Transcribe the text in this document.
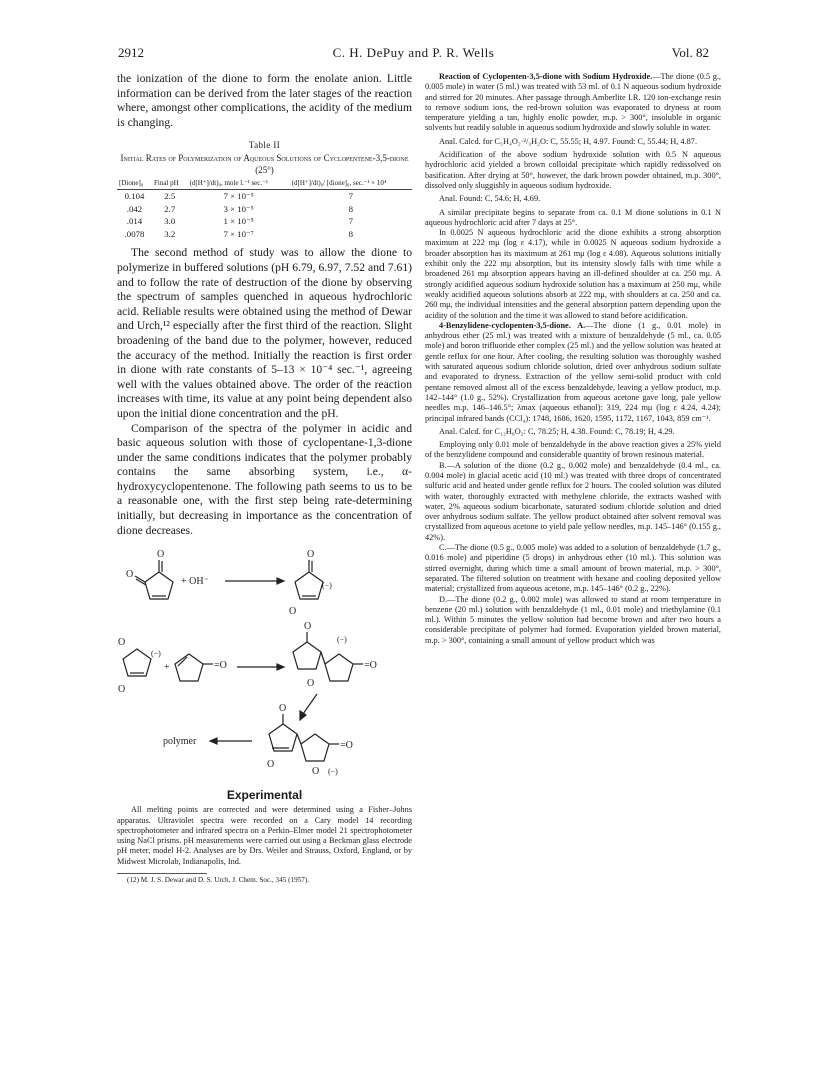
2912	C. H. DePuy and P. R. Wells	Vol. 82

the ionization of the dione to form the enolate anion. Little information can be derived from the later stages of the reaction where, amongst other complications, the acidity of the medium is changing.

Table II
Initial Rates of Polymerization of Aqueous Solutions of Cyclopentene-3,5-dione (25°)
[Dione]₀	Final pH	(d[H⁺]/dt)₀, mole l.⁻¹ sec.⁻¹	(d[H⁺]/dt)₀/ [dione]₀, sec.⁻¹ × 10⁴
0.104	2.5	7 × 10⁻⁵	7
.042	2.7	3 × 10⁻⁵	8
.014	3.0	1 × 10⁻⁵	7
.0078	3.2	7 × 10⁻⁷	8

The second method of study was to allow the dione to polymerize in buffered solutions (pH 6.79, 6.97, 7.52 and 7.61) and to follow the rate of destruction of the dione by observing the spectrum of samples quenched in aqueous hydrochloric acid. Reliable results were obtained using the method of Dewar and Urch,¹² especially after the first third of the reaction. Slight broadening of the band due to the polymer, however, reduced the accuracy of the method. Initially the reaction is first order in dione with rate constants of 5–13 × 10⁻⁴ sec.⁻¹, agreeing well with the values obtained above. The order of the reaction increases with time, its value at any point being dependent also upon the initial dione concentration and the pH.

Comparison of the spectra of the polymer in acidic and basic aqueous solution with those of cyclopentane-1,3-dione under the same conditions indicates that the polymer probably contains the same absorbing system, i.e., α-hydroxycyclopentenone. The following path seems to us to be a reasonable one, with the first step being rate-determining initially, but decreasing in importance as the concentration of dione decreases.

O
O
+ OH⁻
O
O
(−)
O
O
(−)
+	=O
O
=O
(−)
O
polymer
O
O
=O
O (−)
Experimental

All melting points are corrected and were determined using a Fisher–Johns apparatus. Ultraviolet spectra were recorded on a Cary model 14 recording spectrophotometer and infrared spectra on a Perkin–Elmer model 21 spectrophotometer using NaCl prisms. pH measurements were carried out using a Beckman glass electrode pH meter, model H-2. Analyses are by Drs. Weiler and Strauss, Oxford, England, or by Midwest Microlab, Indianapolis, Ind.

(12) M. J. S. Dewar and D. S. Urch, J. Chem. Soc., 345 (1957).

Reaction of Cyclopenten-3,5-dione with Sodium Hydroxide.—The dione (0.5 g., 0.005 mole) in water (5 ml.) was treated with 53 ml. of 0.1 N aqueous sodium hydroxide and stirred for 20 minutes. After passage through Amberlite I.R. 120 ion-exchange resin to remove sodium ions, the red-brown solution was evaporated to dryness at room temperature yielding a tan, highly enolic powder, m.p. > 300°, insoluble in organic solvents but readily soluble in aqueous sodium hydroxide and slowly soluble in water.

Anal. Calcd. for C₅H₄O₂·²/₃H₂O: C, 55.55; H, 4.97. Found: C, 55.44; H, 4.87.

Acidification of the above sodium hydroxide solution with 0.5 N aqueous hydrochloric acid yielded a brown colloidal precipitate which rapidly redissolved on basification. After drying at 50°, however, the dark brown powder obtained, m.p. 300°, dissolved only sluggishly in aqueous sodium hydroxide.

Anal. Found: C, 54.6; H, 4.69.

A similar precipitate begins to separate from ca. 0.1 M dione solutions in 0.1 N aqueous hydrochloric acid after 7 days at 25°.

In 0.0025 N aqueous hydrochloric acid the dione exhibits a strong absorption maximum at 222 mμ (log ε 4.17), while in 0.0025 N aqueous sodium hydroxide a broader absorption has its maximum at 261 mμ (log ε 4.08). Aqueous solutions initially exhibit only the 222 mμ absorption, but its intensity slowly falls with time while a broadened 261 mμ absorption appears having an ill-defined shoulder at ca. 250 mμ. A strongly acidified aqueous sodium hydroxide solution has a maximum at 250 mμ, while weakly acidified aqueous solutions absorb at 222 mμ, with shoulders at ca. 250 and ca. 260 mμ, the individual intensities and the general absorption pattern depending upon the acidity of the solution and the time it was allowed to stand before acidification.

4-Benzylidene-cyclopenten-3,5-dione. A.—The dione (1 g., 0.01 mole) in anhydrous ether (25 ml.) was treated with a mixture of benzaldehyde (5 ml., ca. 0.05 mole) and boron trifluoride ether complex (25 ml.) and the yellow solution was heated at gentle reflux for one hour. After cooling, the resulting solution was thoroughly washed with saturated aqueous sodium chloride solution, dried over anhydrous sodium sulfate and evaporated to dryness. Extraction of the yellow semi-solid product with cold pentane removed almost all of the excess benzaldehyde, leaving a yellow product, m.p. 142–144° (1.0 g., 52%). Crystallization from aqueous acetone gave long, pale yellow needles m.p. 146–146.5°; λmax (aqueous ethanol): 319, 224 mμ (log ε 4.24, 4.24); principal infrared bands (CCl₄): 1748, 1686, 1620, 1595, 1172, 1167, 1043, 859 cm⁻¹.

Anal. Calcd. for C₁₂H₈O₂: C, 78.25; H, 4.38. Found: C, 78.19; H, 4.29.

Employing only 0.01 mole of benzaldehyde in the above reaction gives a 25% yield of the benzylidene compound and considerable quantity of brown resinous material.

B.—A solution of the dione (0.2 g., 0.002 mole) and benzaldehyde (0.4 ml., ca. 0.004 mole) in glacial acetic acid (10 ml.) was treated with three drops of concentrated sulfuric acid and heated under gentle reflux for 2 hours. The cooled solution was diluted with water, thoroughly extracted with methylene chloride, the extracts washed with water, 2% aqueous sodium bicarbonate, saturated sodium chloride solution and dried over anhydrous sodium sulfate. The yellow product obtained after solvent removal was crystallized from aqueous acetone to yield pale yellow needles, m.p. 145–146° (0.155 g., 42%).

C.—The dione (0.5 g., 0.005 mole) was added to a solution of benzaldehyde (1.7 g., 0.016 mole) and piperidine (5 drops) in anhydrous ether (10 ml.). This solution was stirred overnight, during which time a small amount of brown material, m.p. > 300°, separated. The filtered solution on treatment with hexane and cooling deposited yellow material; crystallized from aqueous acetone, m.p. 145–146° (0.2 g., 22%).

D.—The dione (0.2 g., 0.002 mole) was allowed to stand at room temperature in benzene (20 ml.) solution with benzaldehyde (1 ml., 0.01 mole) and triethylamine (0.1 ml.). Within 5 minutes the yellow solution had become brown and after two hours a considerable precipitate of polymer had formed. Evaporation yielded brown material, m.p. > 300°, containing a small amount of yellow product which was
